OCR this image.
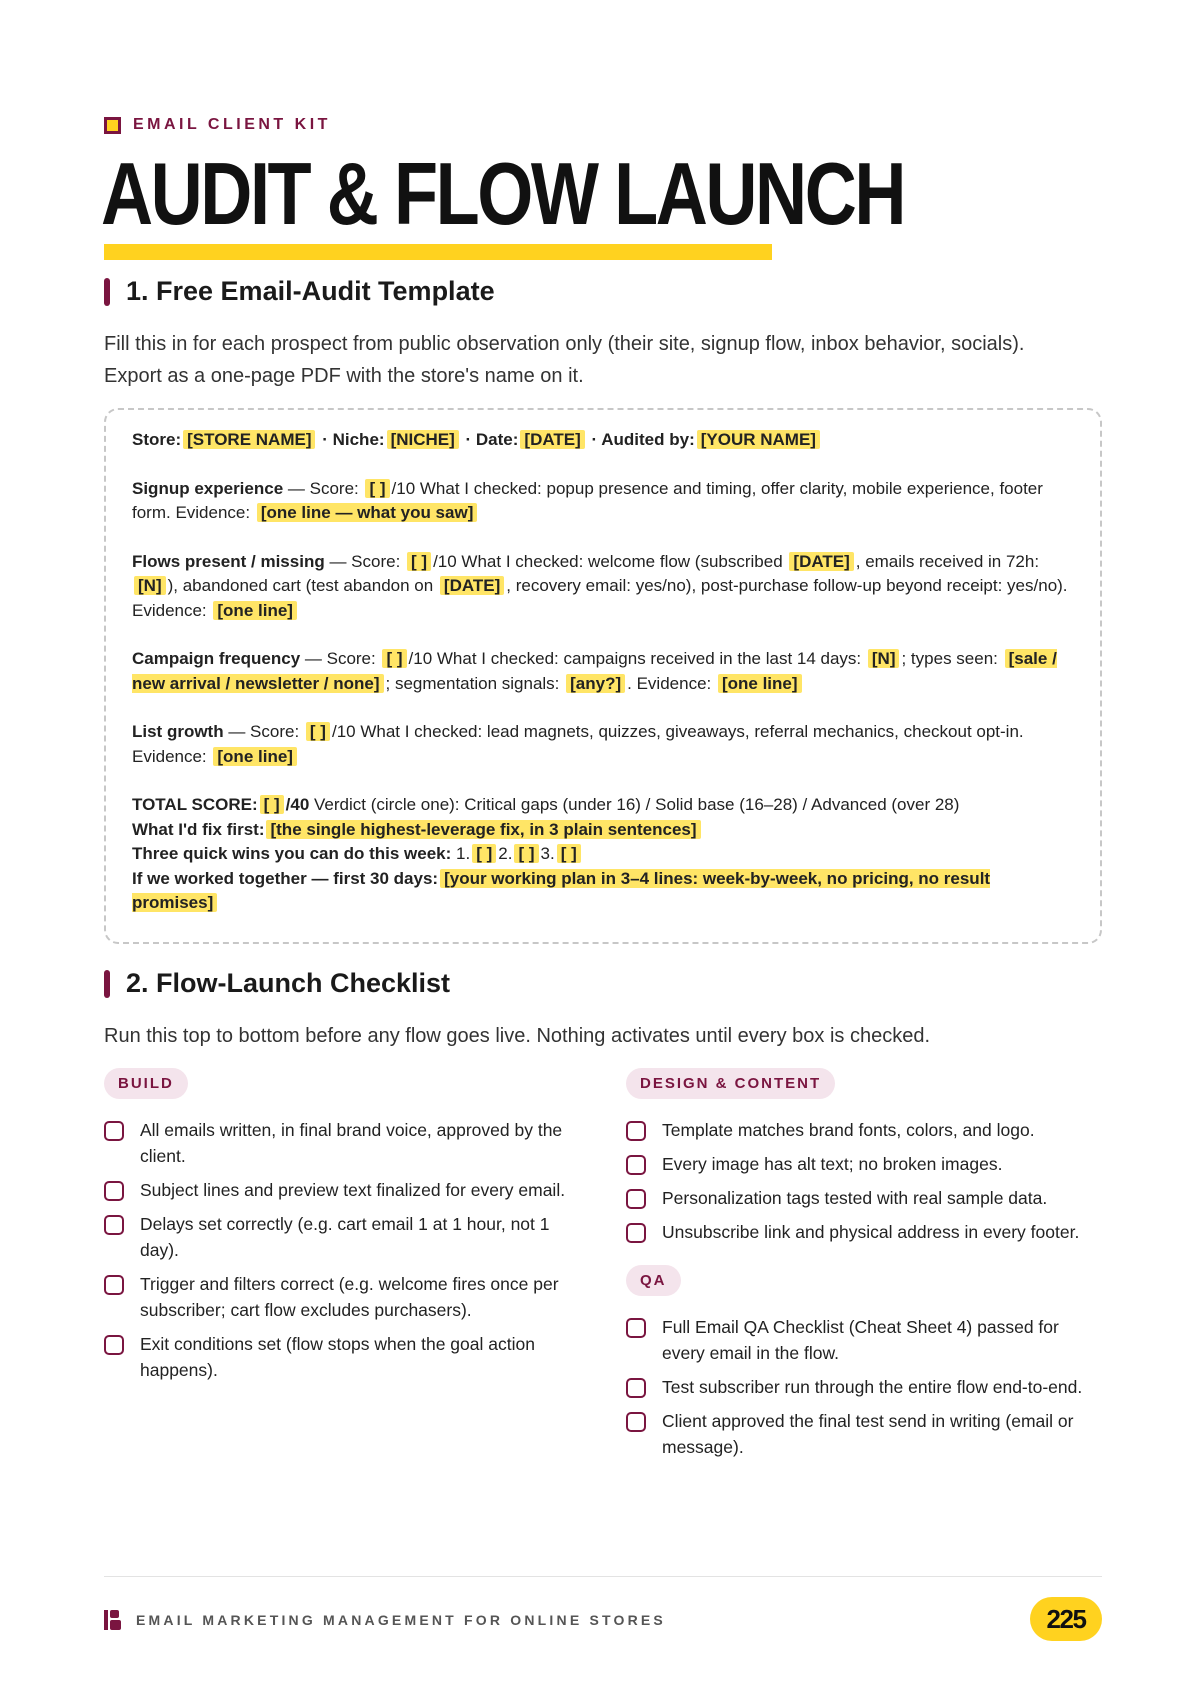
EMAIL CLIENT KIT
AUDIT & FLOW LAUNCH
1. Free Email-Audit Template
Fill this in for each prospect from public observation only (their site, signup flow, inbox behavior, socials).
Export as a one-page PDF with the store's name on it.

Store: [STORE NAME] · Niche: [NICHE] · Date: [DATE] · Audited by: [YOUR NAME]

Signup experience — Score: [ ] /10 What I checked: popup presence and timing, offer clarity, mobile experience, footer form. Evidence: [one line — what you saw]

Flows present / missing — Score: [ ] /10 What I checked: welcome flow (subscribed [DATE] , emails received in 72h: [N] ), abandoned cart (test abandon on [DATE] , recovery email: yes/no), post-purchase follow-up beyond receipt: yes/no). Evidence: [one line]

Campaign frequency — Score: [ ] /10 What I checked: campaigns received in the last 14 days: [N] ; types seen: [sale / new arrival / newsletter / none] ; segmentation signals: [any?] . Evidence: [one line]

List growth — Score: [ ] /10 What I checked: lead magnets, quizzes, giveaways, referral mechanics, checkout opt-in. Evidence: [one line]

TOTAL SCORE: [ ] /40 Verdict (circle one): Critical gaps (under 16) / Solid base (16–28) / Advanced (over 28)

What I'd fix first: [the single highest-leverage fix, in 3 plain sentences]

Three quick wins you can do this week: 1. [ ] 2. [ ] 3. [ ]

If we worked together — first 30 days: [your working plan in 3–4 lines: week-by-week, no pricing, no result promises]

2. Flow-Launch Checklist
Run this top to bottom before any flow goes live. Nothing activates until every box is checked.
BUILD
All emails written, in final brand voice, approved by the client.
Subject lines and preview text finalized for every email.
Delays set correctly (e.g. cart email 1 at 1 hour, not 1 day).
Trigger and filters correct (e.g. welcome fires once per subscriber; cart flow excludes purchasers).
Exit conditions set (flow stops when the goal action happens).
DESIGN & CONTENT
Template matches brand fonts, colors, and logo.
Every image has alt text; no broken images.
Personalization tags tested with real sample data.
Unsubscribe link and physical address in every footer.
QA
Full Email QA Checklist (Cheat Sheet 4) passed for every email in the flow.
Test subscriber run through the entire flow end-to-end.
Client approved the final test send in writing (email or message).
EMAIL MARKETING MANAGEMENT FOR ONLINE STORES	225
